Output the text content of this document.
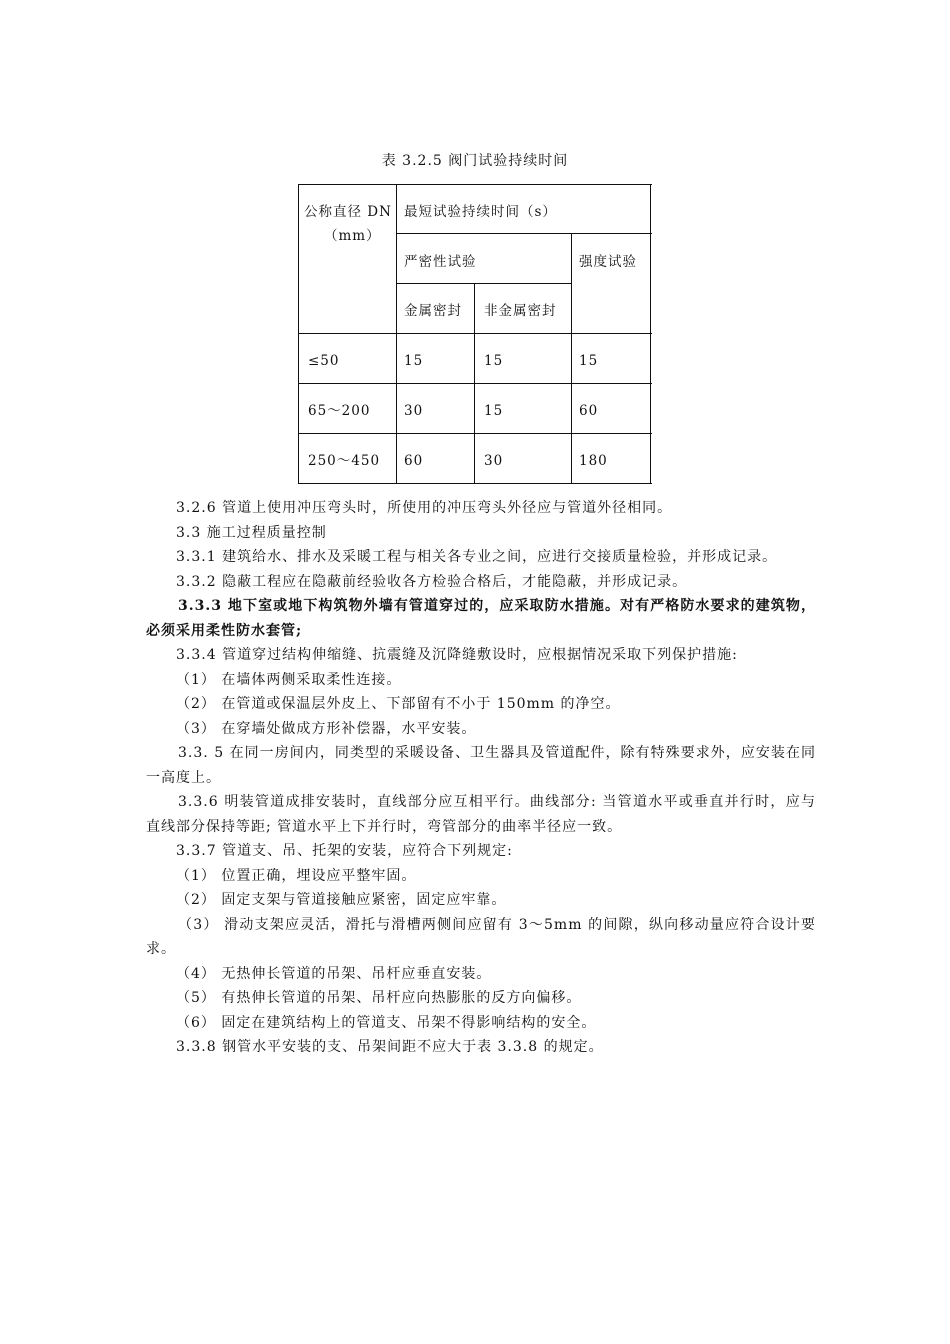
表 3.2.5 阀门试验持续时间
公称直径 DN
（mm）
最短试验持续时间（s）
严密性试验	强度试验
金属密封 非金属密封
≤50	15	15	15
65～200 30	15	60
250～450 60	30	180

3.2.6 管道上使用冲压弯头时，所使用的冲压弯头外径应与管道外径相同。

3.3 施工过程质量控制

3.3.1 建筑给水、排水及采暖工程与相关各专业之间，应进行交接质量检验，并形成记录。

3.3.2 隐蔽工程应在隐蔽前经验收各方检验合格后，才能隐蔽，并形成记录。

3.3.3 地下室或地下构筑物外墙有管道穿过的，应采取防水措施。对有严格防水要求的建筑物，必须采用柔性防水套管;

3.3.4 管道穿过结构伸缩缝、抗震缝及沉降缝敷设时，应根据情况采取下列保护措施:

（1） 在墙体两侧采取柔性连接。

（2） 在管道或保温层外皮上、下部留有不小于 150mm 的净空。

（3） 在穿墙处做成方形补偿器，水平安装。

3.3. 5 在同一房间内，同类型的采暖设备、卫生器具及管道配件，除有特殊要求外，应安装在同一高度上。

3.3.6 明装管道成排安装时，直线部分应互相平行。曲线部分: 当管道水平或垂直并行时，应与直线部分保持等距; 管道水平上下并行时，弯管部分的曲率半径应一致。

3.3.7 管道支、吊、托架的安装，应符合下列规定:

（1） 位置正确，埋设应平整牢固。

（2） 固定支架与管道接触应紧密，固定应牢靠。

（3） 滑动支架应灵活，滑托与滑槽两侧间应留有 3～5mm 的间隙，纵向移动量应符合设计要求。

（4） 无热伸长管道的吊架、吊杆应垂直安装。

（5） 有热伸长管道的吊架、吊杆应向热膨胀的反方向偏移。

（6） 固定在建筑结构上的管道支、吊架不得影响结构的安全。

3.3.8 钢管水平安装的支、吊架间距不应大于表 3.3.8 的规定。
